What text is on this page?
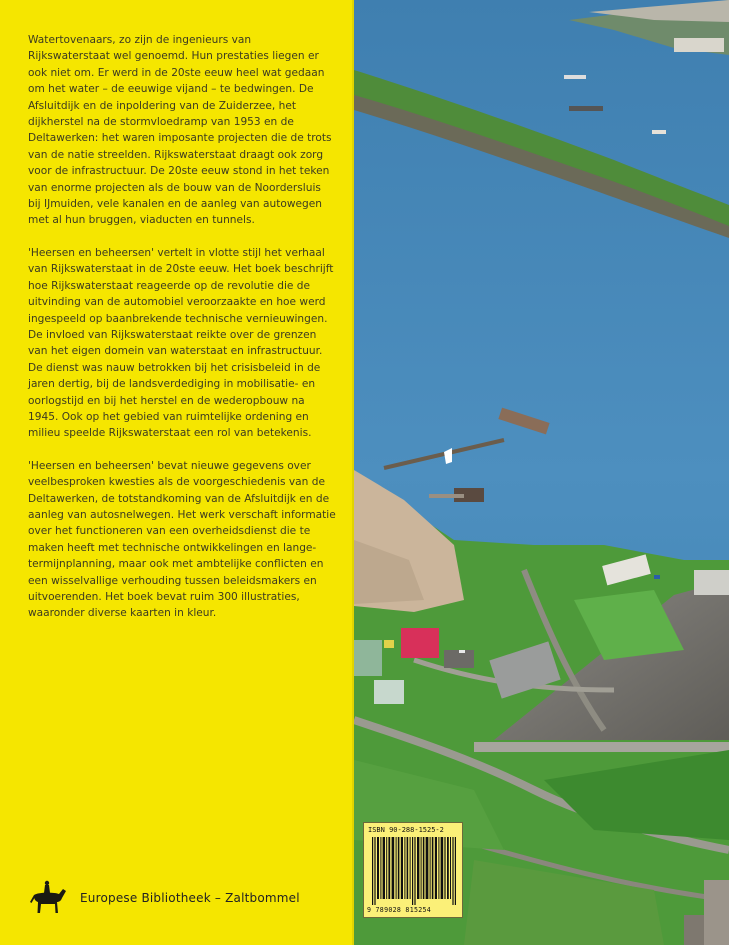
Watertovenaars, zo zijn de ingenieurs van Rijkswaterstaat wel genoemd. Hun prestaties liegen er ook niet om. Er werd in de 20ste eeuw heel wat gedaan om het water – de eeuwige vijand – te bedwingen. De Afsluitdijk en de inpoldering van de Zuiderzee, het dijkherstel na de stormvloedramp van 1953 en de Deltawerken: het waren imposante projecten die de trots van de natie streelden. Rijkswaterstaat draagt ook zorg voor de infrastructuur. De 20ste eeuw stond in het teken van enorme projecten als de bouw van de Noordersluis bij IJmuiden, vele kanalen en de aanleg van autowegen met al hun bruggen, viaducten en tunnels.

'Heersen en beheersen' vertelt in vlotte stijl het verhaal van Rijkswaterstaat in de 20ste eeuw. Het boek beschrijft hoe Rijkswaterstaat reageerde op de revolutie die de uitvinding van de automobiel veroorzaakte en hoe werd ingespeeld op baanbrekende technische vernieuwingen. De invloed van Rijkswaterstaat reikte over de grenzen van het eigen domein van waterstaat en infrastructuur. De dienst was nauw betrokken bij het crisisbeleid in de jaren dertig, bij de landsverdediging in mobilisatie- en oorlogstijd en bij het herstel en de wederopbouw na 1945. Ook op het gebied van ruimtelijke ordening en milieu speelde Rijkswaterstaat een rol van betekenis.

'Heersen en beheersen' bevat nieuwe gegevens over veelbesproken kwesties als de voorgeschiedenis van de Deltawerken, de totstandkoming van de Afsluitdijk en de aanleg van autosnelwegen. Het werk verschaft informatie over het functioneren van een overheidsdienst die te maken heeft met technische ontwikkelingen en lange-termijnplanning, maar ook met ambtelijke conflicten en een wisselvallige verhouding tussen beleidsmakers en uitvoerenden. Het boek bevat ruim 300 illustraties, waaronder diverse kaarten in kleur.

Europese Bibliotheek – Zaltbommel
ISBN 90-288-1525-2
9 789028 815254
